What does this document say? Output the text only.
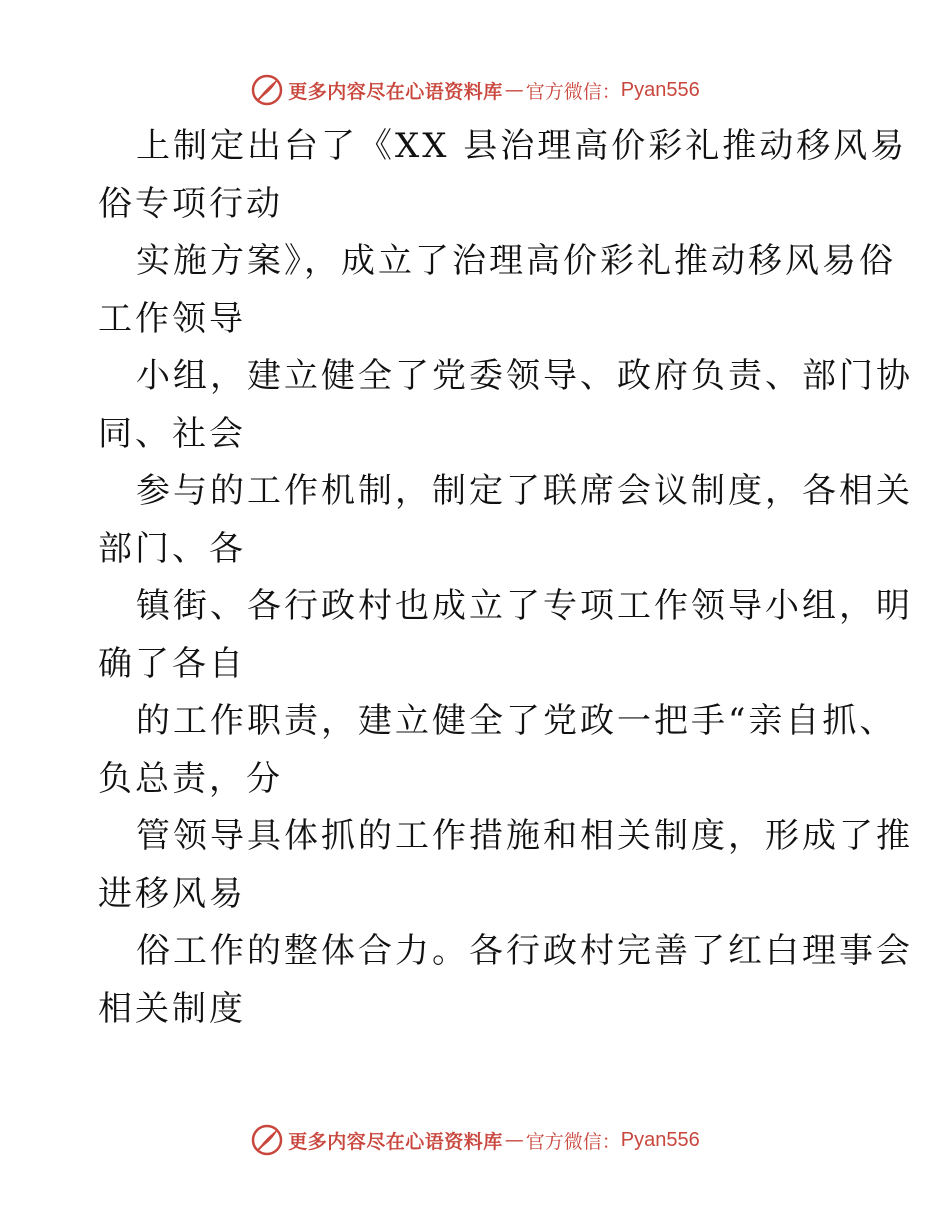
更多内容尽在心语资料库 — 官方微信： Pyan556
上制定出台了《XX 县治理高价彩礼推动移风易
俗专项行动
实施方案》，成立了治理高价彩礼推动移风易俗
工作领导
小组，建立健全了党委领导、政府负责、部门协
同、社会
参与的工作机制，制定了联席会议制度，各相关
部门、各
镇街、各行政村也成立了专项工作领导小组，明
确了各自
的工作职责，建立健全了党政一把手“亲自抓、
负总责，分
管领导具体抓的工作措施和相关制度，形成了推
进移风易
俗工作的整体合力。各行政村完善了红白理事会
相关制度
更多内容尽在心语资料库 — 官方微信： Pyan556
